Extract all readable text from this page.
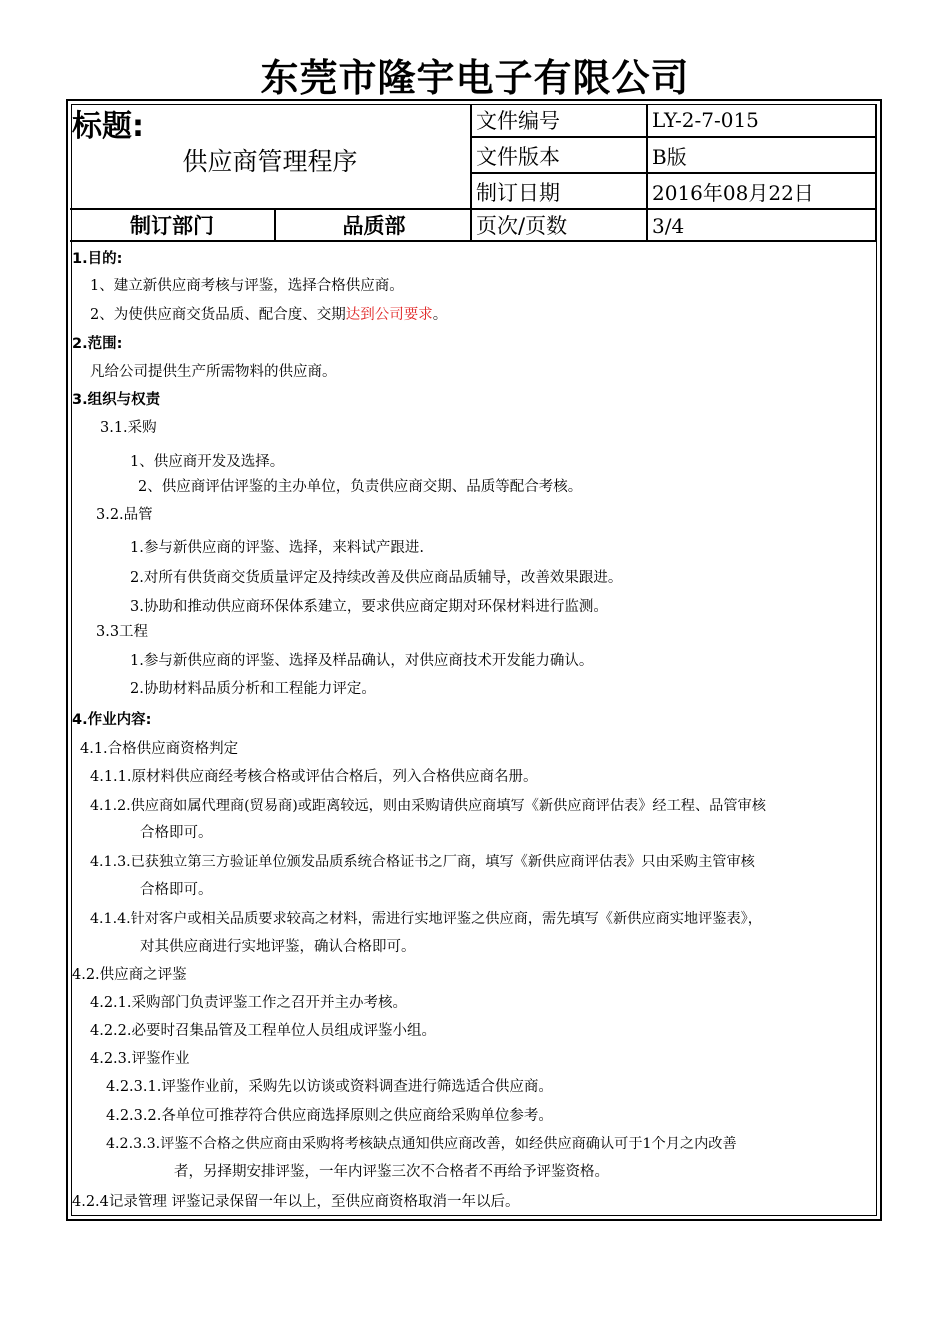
东莞市隆宇电子有限公司
标题:
供应商管理程序
文件编号	LY-2-7-015
文件版本	B版
制订日期	2016年08月22日
制订部门	品质部	页次/页数	3/4
1.目的:
1、建立新供应商考核与评鉴，选择合格供应商。
2、为使供应商交货品质、配合度、交期达到公司要求。
2.范围:
凡给公司提供生产所需物料的供应商。
3.组织与权责
3.1.采购
1、供应商开发及选择。
2、供应商评估评鉴的主办单位，负责供应商交期、品质等配合考核。
3.2.品管
1.参与新供应商的评鉴、选择，来料试产跟进.
2.对所有供货商交货质量评定及持续改善及供应商品质辅导，改善效果跟进。
3.协助和推动供应商环保体系建立，要求供应商定期对环保材料进行监测。
3.3工程
1.参与新供应商的评鉴、选择及样品确认，对供应商技术开发能力确认。
2.协助材料品质分析和工程能力评定。
4.作业内容:
4.1.合格供应商资格判定
4.1.1.原材料供应商经考核合格或评估合格后，列入合格供应商名册。
4.1.2.供应商如属代理商(贸易商)或距离较远，则由采购请供应商填写《新供应商评估表》经工程、品管审核
合格即可。
4.1.3.已获独立第三方验证单位颁发品质系统合格证书之厂商，填写《新供应商评估表》只由采购主管审核
合格即可。
4.1.4.针对客户或相关品质要求较高之材料，需进行实地评鉴之供应商，需先填写《新供应商实地评鉴表》，
对其供应商进行实地评鉴，确认合格即可。
4.2.供应商之评鉴
4.2.1.采购部门负责评鉴工作之召开并主办考核。
4.2.2.必要时召集品管及工程单位人员组成评鉴小组。
4.2.3.评鉴作业
4.2.3.1.评鉴作业前，采购先以访谈或资料调查进行筛选适合供应商。
4.2.3.2.各单位可推荐符合供应商选择原则之供应商给采购单位参考。
4.2.3.3.评鉴不合格之供应商由采购将考核缺点通知供应商改善，如经供应商确认可于1个月之内改善
者，另择期安排评鉴，一年内评鉴三次不合格者不再给予评鉴资格。
4.2.4记录管理 评鉴记录保留一年以上，至供应商资格取消一年以后。
